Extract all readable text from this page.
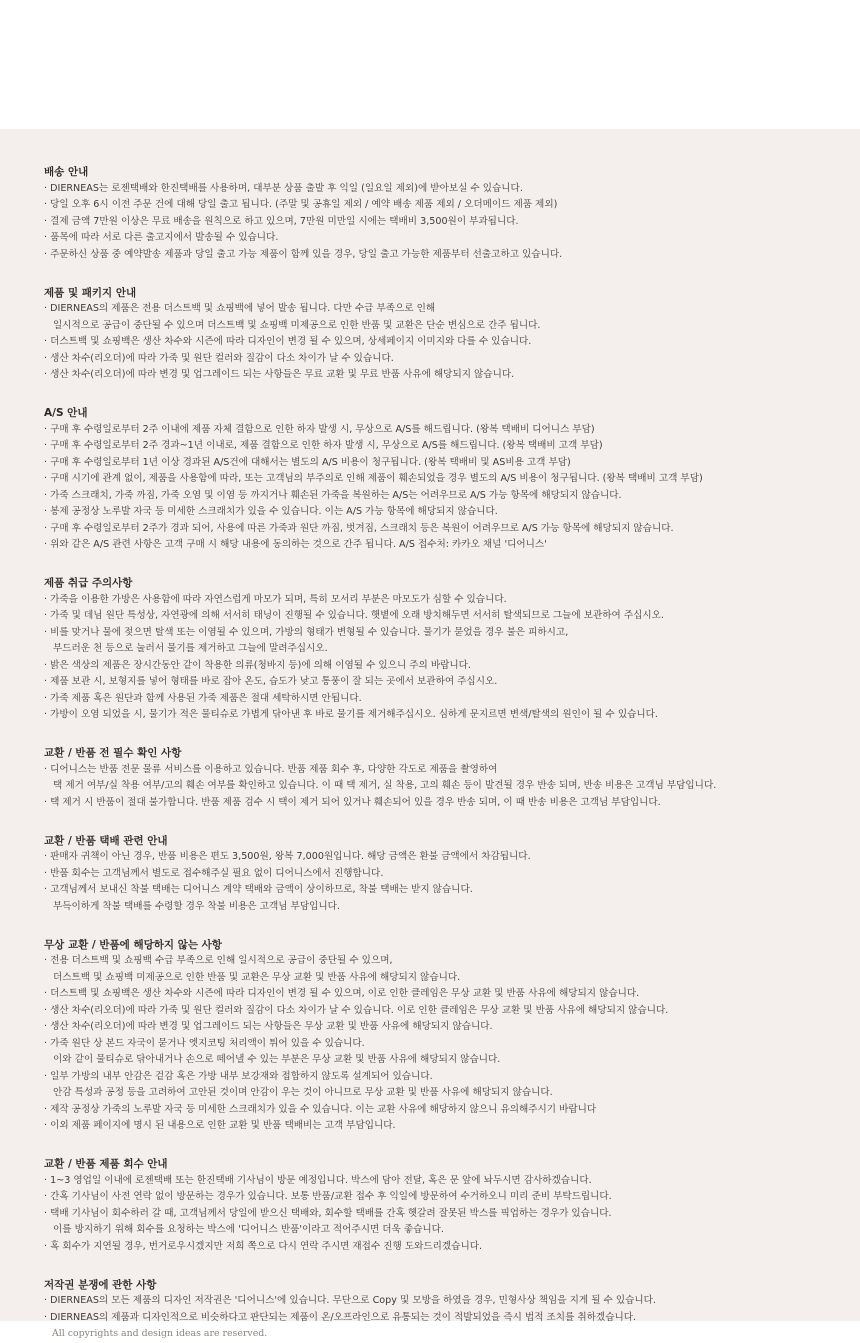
배송 안내
· DIERNEAS는 로젠택배와 한진택배를 사용하며, 대부분 상품 출발 후 익일 (일요일 제외)에 받아보실 수 있습니다.
· 당일 오후 6시 이전 주문 건에 대해 당일 출고 됩니다. (주말 및 공휴일 제외 / 예약 배송 제품 제외 / 오더메이드 제품 제외)
· 결제 금액 7만원 이상은 무료 배송을 원칙으로 하고 있으며, 7만원 미만일 시에는 택배비 3,500원이 부과됩니다.
· 품목에 따라 서로 다른 출고지에서 발송될 수 있습니다.
· 주문하신 상품 중 예약발송 제품과 당일 출고 가능 제품이 함께 있을 경우, 당일 출고 가능한 제품부터 선출고하고 있습니다.
제품 및 패키지 안내
· DIERNEAS의 제품은 전용 더스트백 및 쇼핑백에 넣어 발송 됩니다. 다만 수급 부족으로 인해
일시적으로 공급이 중단될 수 있으며 더스트백 및 쇼핑백 미제공으로 인한 반품 및 교환은 단순 변심으로 간주 됩니다.
· 더스트백 및 쇼핑백은 생산 차수와 시즌에 따라 디자인이 변경 될 수 있으며, 상세페이지 이미지와 다를 수 있습니다.
· 생산 차수(리오더)에 따라 가죽 및 원단 컬러와 질감이 다소 차이가 날 수 있습니다.
· 생산 차수(리오더)에 따라 변경 및 업그레이드 되는 사항들은 무료 교환 및 무료 반품 사유에 해당되지 않습니다.
A/S 안내
· 구매 후 수령일로부터 2주 이내에 제품 자체 결함으로 인한 하자 발생 시, 무상으로 A/S를 해드립니다. (왕복 택배비 디어니스 부담)
· 구매 후 수령일로부터 2주 경과~1년 이내로, 제품 결함으로 인한 하자 발생 시, 무상으로 A/S를 해드립니다. (왕복 택배비 고객 부담)
· 구매 후 수령일로부터 1년 이상 경과된 A/S건에 대해서는 별도의 A/S 비용이 청구됩니다. (왕복 택배비 및 AS비용 고객 부담)
· 구매 시기에 관계 없이, 제품을 사용함에 따라, 또는 고객님의 부주의로 인해 제품이 훼손되었을 경우 별도의 A/S 비용이 청구됩니다. (왕복 택배비 고객 부담)
· 가죽 스크래치, 가죽 까짐, 가죽 오염 및 이염 등 까지거나 훼손된 가죽을 복원하는 A/S는 어려우므로 A/S 가능 항목에 해당되지 않습니다.
· 봉제 공정상 노루발 자국 등 미세한 스크래치가 있을 수 있습니다. 이는 A/S 가능 항목에 해당되지 않습니다.
· 구매 후 수령일로부터 2주가 경과 되어, 사용에 따른 가죽과 원단 까짐, 벗겨짐, 스크래치 등은 복원이 어려우므로 A/S 가능 항목에 해당되지 않습니다.
· 위와 같은 A/S 관련 사항은 고객 구매 시 해당 내용에 동의하는 것으로 간주 됩니다. A/S 접수처: 카카오 채널 '디어니스'
제품 취급 주의사항
· 가죽을 이용한 가방은 사용함에 따라 자연스럽게 마모가 되며, 특히 모서리 부분은 마모도가 심할 수 있습니다.
· 가죽 및 데님 원단 특성상, 자연광에 의해 서서히 태닝이 진행될 수 있습니다. 햇볕에 오래 방치해두면 서서히 탈색되므로 그늘에 보관하여 주십시오.
· 비를 맞거나 물에 젖으면 탈색 또는 이염될 수 있으며, 가방의 형태가 변형될 수 있습니다. 물기가 묻었을 경우 불은 피하시고,
부드러운 천 등으로 눌러서 물기를 제거하고 그늘에 말려주십시오.
· 밝은 색상의 제품은 장시간동안 같이 착용한 의류(청바지 등)에 의해 이염될 수 있으니 주의 바랍니다.
· 제품 보관 시, 보형지를 넣어 형태를 바로 잡아 온도, 습도가 낮고 통풍이 잘 되는 곳에서 보관하여 주십시오.
· 가죽 제품 혹은 원단과 함께 사용된 가죽 제품은 절대 세탁하시면 안됩니다.
· 가방이 오염 되었을 시, 물기가 적은 물티슈로 가볍게 닦아낸 후 바로 물기를 제거해주십시오. 심하게 문지르면 변색/탈색의 원인이 될 수 있습니다.
교환 / 반품 전 필수 확인 사항
· 디어니스는 반품 전문 물류 서비스를 이용하고 있습니다. 반품 제품 회수 후, 다양한 각도로 제품을 촬영하여
택 제거 여부/실 착용 여부/고의 훼손 여부를 확인하고 있습니다. 이 때 택 제거, 실 착용, 고의 훼손 등이 발견될 경우 반송 되며, 반송 비용은 고객님 부담입니다.
· 택 제거 시 반품이 절대 불가합니다. 반품 제품 검수 시 택이 제거 되어 있거나 훼손되어 있을 경우 반송 되며, 이 때 반송 비용은 고객님 부담입니다.
교환 / 반품 택배 관련 안내
· 판매자 귀책이 아닌 경우, 반품 비용은 편도 3,500원, 왕복 7,000원입니다. 해당 금액은 환불 금액에서 차감됩니다.
· 반품 회수는 고객님께서 별도로 접수해주실 필요 없이 디어니스에서 진행합니다.
· 고객님께서 보내신 착불 택배는 디어니스 계약 택배와 금액이 상이하므로, 착불 택배는 받지 않습니다.
부득이하게 착불 택배를 수령할 경우 착불 비용은 고객님 부담입니다.
무상 교환 / 반품에 해당하지 않는 사항
· 전용 더스트백 및 쇼핑백 수급 부족으로 인해 일시적으로 공급이 중단될 수 있으며,
더스트백 및 쇼핑백 미제공으로 인한 반품 및 교환은 무상 교환 및 반품 사유에 해당되지 않습니다.
· 더스트백 및 쇼핑백은 생산 차수와 시즌에 따라 디자인이 변경 될 수 있으며, 이로 인한 클레임은 무상 교환 및 반품 사유에 해당되지 않습니다.
· 생산 차수(리오더)에 따라 가죽 및 원단 컬러와 질감이 다소 차이가 날 수 있습니다. 이로 인한 클레임은 무상 교환 및 반품 사유에 해당되지 않습니다.
· 생산 차수(리오더)에 따라 변경 및 업그레이드 되는 사항들은 무상 교환 및 반품 사유에 해당되지 않습니다.
· 가죽 원단 상 본드 자국이 묻거나 엣지코팅 처리액이 튀어 있을 수 있습니다.
이와 같이 물티슈로 닦아내거나 손으로 떼어낼 수 있는 부분은 무상 교환 및 반품 사유에 해당되지 않습니다.
· 일부 가방의 내부 안감은 겉감 혹은 가방 내부 보강재와 접합하지 않도록 설계되어 있습니다.
안감 특성과 공정 등을 고려하여 고안된 것이며 안감이 우는 것이 아니므로 무상 교환 및 반품 사유에 해당되지 않습니다.
· 제작 공정상 가죽의 노루발 자국 등 미세한 스크래치가 있을 수 있습니다. 이는 교환 사유에 해당하지 않으니 유의해주시기 바랍니다
· 이외 제품 페이지에 명시 된 내용으로 인한 교환 및 반품 택배비는 고객 부담입니다.
교환 / 반품 제품 회수 안내
· 1~3 영업일 이내에 로젠택배 또는 한진택배 기사님이 방문 예정입니다. 박스에 담아 전달, 혹은 문 앞에 놔두시면 감사하겠습니다.
· 간혹 기사님이 사전 연락 없이 방문하는 경우가 있습니다. 보통 반품/교환 접수 후 익일에 방문하여 수거하오니 미리 준비 부탁드립니다.
· 택배 기사님이 회수하러 갈 때, 고객님께서 당일에 받으신 택배와, 회수할 택배를 간혹 헷갈려 잘못된 박스를 픽업하는 경우가 있습니다.
이를 방지하기 위해 회수를 요청하는 박스에 '디어니스 반품'이라고 적어주시면 더욱 좋습니다.
· 혹 회수가 지연될 경우, 번거로우시겠지만 저희 쪽으로 다시 연락 주시면 재접수 진행 도와드리겠습니다.
저작권 분쟁에 관한 사항
· DIERNEAS의 모든 제품의 디자인 저작권은 '디어니스'에 있습니다. 무단으로 Copy 및 모방을 하였을 경우, 민형사상 책임을 지게 될 수 있습니다.
· DIERNEAS의 제품과 디자인적으로 비슷하다고 판단되는 제품이 온/오프라인으로 유통되는 것이 적발되었을 즉시 법적 조치를 취하겠습니다.
All copyrights and design ideas are reserved.
